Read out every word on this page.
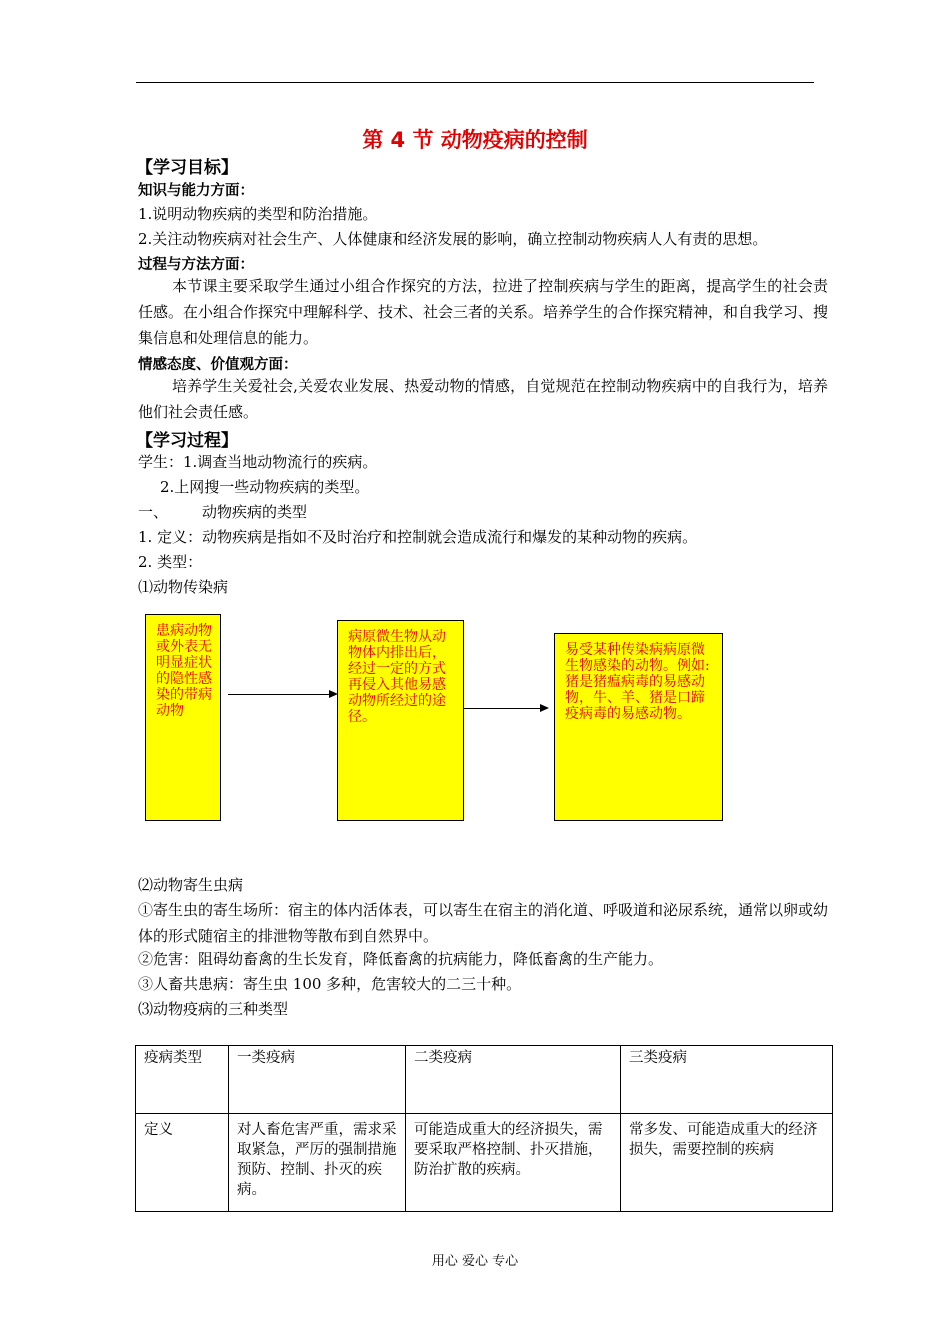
第 4 节 动物疫病的控制
【学习目标】
知识与能力方面：
1.说明动物疾病的类型和防治措施。
2.关注动物疾病对社会生产、人体健康和经济发展的影响，确立控制动物疾病人人有责的思想。
过程与方法方面：
本节课主要采取学生通过小组合作探究的方法，拉进了控制疾病与学生的距离，提高学生的社会责任感。在小组合作探究中理解科学、技术、社会三者的关系。培养学生的合作探究精神，和自我学习、搜集信息和处理信息的能力。
情感态度、价值观方面：
培养学生关爱社会,关爱农业发展、热爱动物的情感，自觉规范在控制动物疾病中的自我行为，培养他们社会责任感。
【学习过程】
学生：1.调查当地动物流行的疾病。
2.上网搜一些动物疾病的类型。
一、 动物疾病的类型
1. 定义：动物疾病是指如不及时治疗和控制就会造成流行和爆发的某种动物的疾病。
2. 类型：
⑴动物传染病
患病动物或外表无明显症状的隐性感染的带病动物
病原微生物从动物体内排出后，经过一定的方式再侵入其他易感动物所经过的途径。
易受某种传染病病原微生物感染的动物。例如:猪是猪瘟病毒的易感动物，牛、羊、猪是口蹄疫病毒的易感动物。
⑵动物寄生虫病
①寄生虫的寄生场所：宿主的体内活体表，可以寄生在宿主的消化道、呼吸道和泌尿系统，通常以卵或幼体的形式随宿主的排泄物等散布到自然界中。
②危害：阻碍幼畜禽的生长发育，降低畜禽的抗病能力，降低畜禽的生产能力。
③人畜共患病：寄生虫 100 多种，危害较大的二三十种。
⑶动物疫病的三种类型
疫病类型	一类疫病	二类疫病	三类疫病
定义	对人畜危害严重，需求采取紧急，严厉的强制措施预防、控制、扑灭的疾病。	可能造成重大的经济损失，需要采取严格控制、扑灭措施，防治扩散的疾病。	常多发、可能造成重大的经济损失，需要控制的疾病
用心 爱心 专心
